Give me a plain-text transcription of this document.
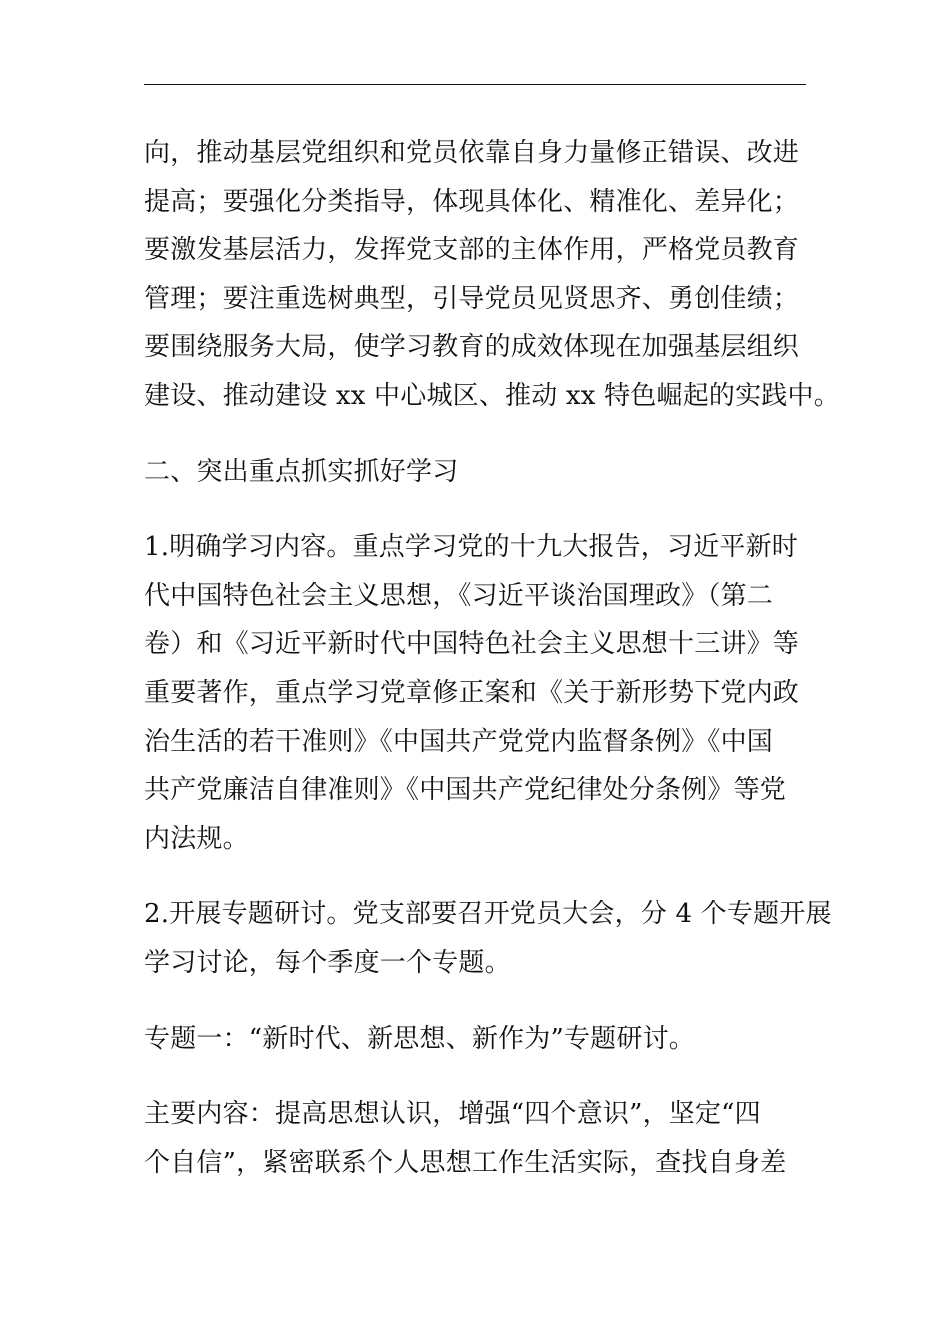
向，推动基层党组织和党员依靠自身力量修正错误、改进
提高；要强化分类指导，体现具体化、精准化、差异化；
要激发基层活力，发挥党支部的主体作用，严格党员教育
管理；要注重选树典型，引导党员见贤思齐、勇创佳绩；
要围绕服务大局，使学习教育的成效体现在加强基层组织
建设、推动建设 xx 中心城区、推动 xx 特色崛起的实践中。

二、突出重点抓实抓好学习

1.明确学习内容。重点学习党的十九大报告，习近平新时
代中国特色社会主义思想，《习近平谈治国理政》（第二
卷）和《习近平新时代中国特色社会主义思想十三讲》等
重要著作，重点学习党章修正案和《关于新形势下党内政
治生活的若干准则》《中国共产党党内监督条例》《中国
共产党廉洁自律准则》《中国共产党纪律处分条例》等党
内法规。

2.开展专题研讨。党支部要召开党员大会，分 4 个专题开展
学习讨论，每个季度一个专题。

专题一：“新时代、新思想、新作为”专题研讨。

主要内容：提高思想认识，增强“四个意识”，坚定“四
个自信”，紧密联系个人思想工作生活实际，查找自身差
